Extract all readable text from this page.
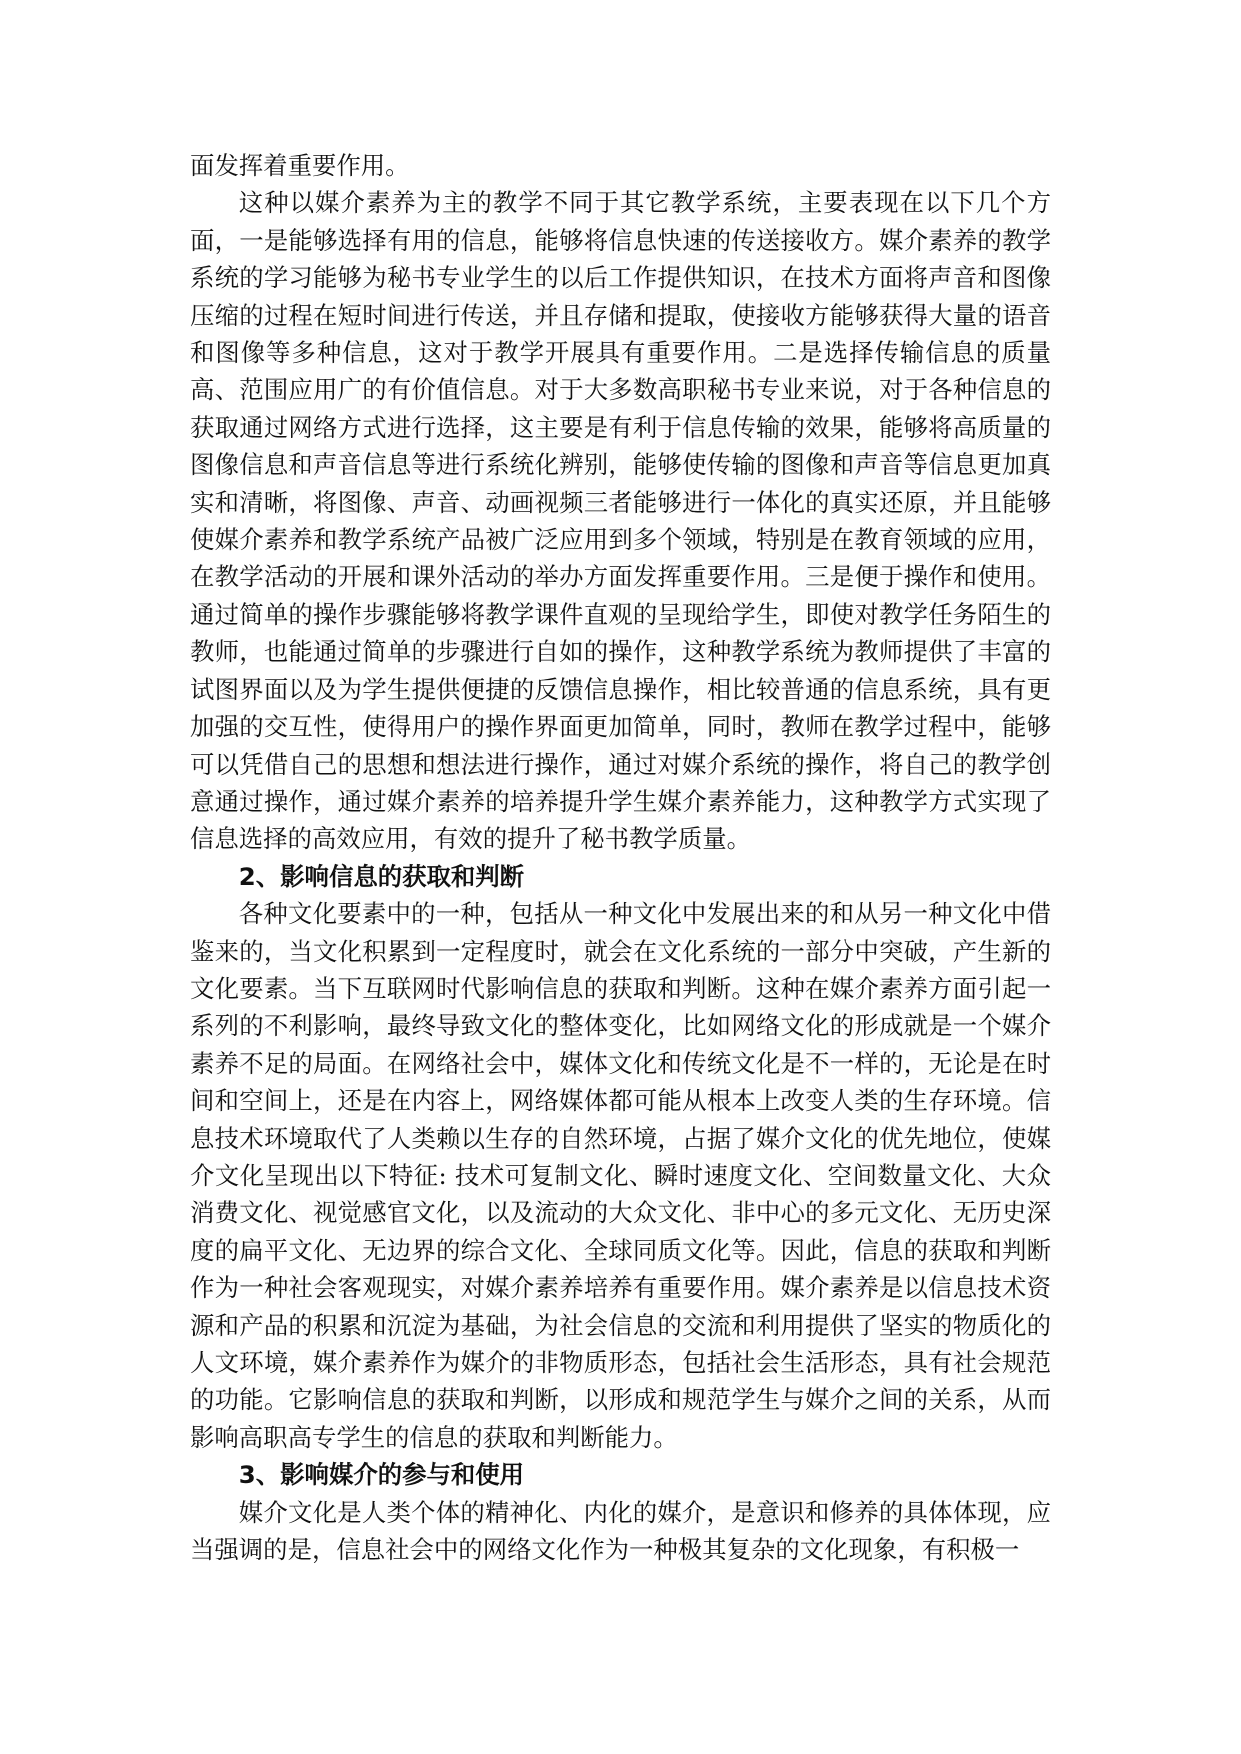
面发挥着重要作用。

这种以媒介素养为主的教学不同于其它教学系统，主要表现在以下几个方面，一是能够选择有用的信息，能够将信息快速的传送接收方。媒介素养的教学系统的学习能够为秘书专业学生的以后工作提供知识，在技术方面将声音和图像压缩的过程在短时间进行传送，并且存储和提取，使接收方能够获得大量的语音和图像等多种信息，这对于教学开展具有重要作用。二是选择传输信息的质量高、范围应用广的有价值信息。对于大多数高职秘书专业来说，对于各种信息的获取通过网络方式进行选择，这主要是有利于信息传输的效果，能够将高质量的图像信息和声音信息等进行系统化辨别，能够使传输的图像和声音等信息更加真实和清晰，将图像、声音、动画视频三者能够进行一体化的真实还原，并且能够使媒介素养和教学系统产品被广泛应用到多个领域，特别是在教育领域的应用，在教学活动的开展和课外活动的举办方面发挥重要作用。三是便于操作和使用。通过简单的操作步骤能够将教学课件直观的呈现给学生，即使对教学任务陌生的教师，也能通过简单的步骤进行自如的操作，这种教学系统为教师提供了丰富的试图界面以及为学生提供便捷的反馈信息操作，相比较普通的信息系统，具有更加强的交互性，使得用户的操作界面更加简单，同时，教师在教学过程中，能够可以凭借自己的思想和想法进行操作，通过对媒介系统的操作，将自己的教学创意通过操作，通过媒介素养的培养提升学生媒介素养能力，这种教学方式实现了信息选择的高效应用，有效的提升了秘书教学质量。

2、影响信息的获取和判断

各种文化要素中的一种，包括从一种文化中发展出来的和从另一种文化中借鉴来的，当文化积累到一定程度时，就会在文化系统的一部分中突破，产生新的文化要素。当下互联网时代影响信息的获取和判断。这种在媒介素养方面引起一系列的不利影响，最终导致文化的整体变化，比如网络文化的形成就是一个媒介素养不足的局面。在网络社会中，媒体文化和传统文化是不一样的，无论是在时间和空间上，还是在内容上，网络媒体都可能从根本上改变人类的生存环境。信息技术环境取代了人类赖以生存的自然环境，占据了媒介文化的优先地位，使媒介文化呈现出以下特征: 技术可复制文化、瞬时速度文化、空间数量文化、大众消费文化、视觉感官文化，以及流动的大众文化、非中心的多元文化、无历史深度的扁平文化、无边界的综合文化、全球同质文化等。因此，信息的获取和判断作为一种社会客观现实，对媒介素养培养有重要作用。媒介素养是以信息技术资源和产品的积累和沉淀为基础，为社会信息的交流和利用提供了坚实的物质化的人文环境，媒介素养作为媒介的非物质形态，包括社会生活形态，具有社会规范的功能。它影响信息的获取和判断，以形成和规范学生与媒介之间的关系，从而影响高职高专学生的信息的获取和判断能力。

3、影响媒介的参与和使用

媒介文化是人类个体的精神化、内化的媒介，是意识和修养的具体体现，应当强调的是，信息社会中的网络文化作为一种极其复杂的文化现象，有积极一
